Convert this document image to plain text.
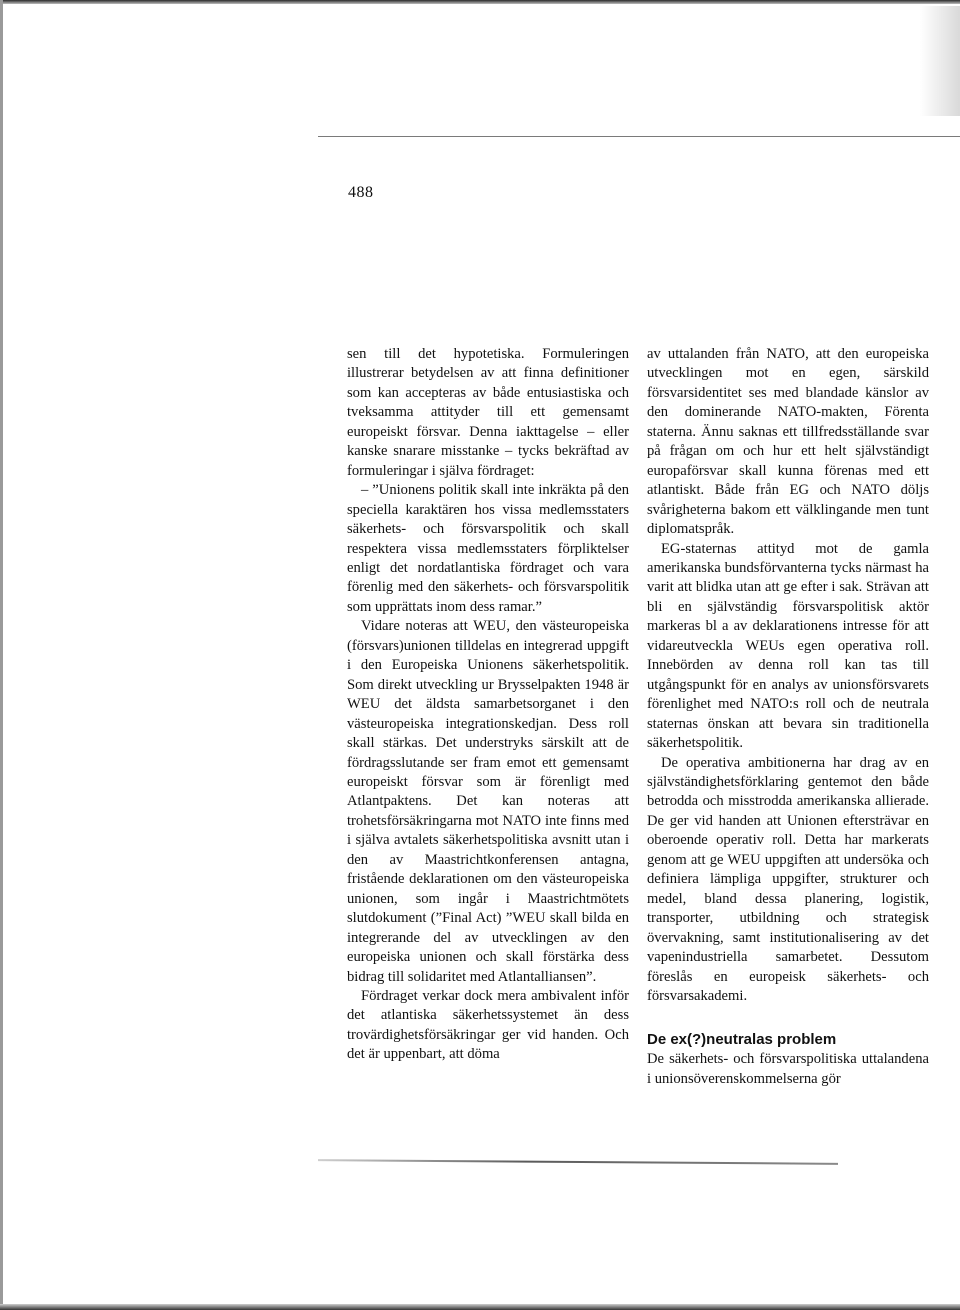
488

sen till det hypotetiska. Formuleringen illustrerar betydelsen av att finna definitioner som kan accepteras av både entusiastiska och tveksamma attityder till ett gemensamt europeiskt försvar. Denna iakttagelse – eller kanske snarare misstanke – tycks bekräftad av formuleringar i själva fördraget:

– ”Unionens politik skall inte inkräkta på den speciella karaktären hos vissa medlemsstaters säkerhets- och försvarspolitik och skall respektera vissa medlemsstaters förpliktelser enligt det nordatlantiska fördraget och vara förenlig med den säkerhets- och försvarspolitik som upprättats inom dess ramar.”

Vidare noteras att WEU, den västeuropeiska (försvars)unionen tilldelas en integrerad uppgift i den Europeiska Unionens säkerhetspolitik. Som direkt utveckling ur Brysselpakten 1948 är WEU det äldsta samarbetsorganet i den västeuropeiska integrationskedjan. Dess roll skall stärkas. Det understryks särskilt att de fördragsslutande ser fram emot ett gemensamt europeiskt försvar som är förenligt med Atlantpaktens. Det kan noteras att trohetsförsäkringarna mot NATO inte finns med i själva avtalets säkerhetspolitiska avsnitt utan i den av Maastrichtkonferensen antagna, fristående deklarationen om den västeuropeiska unionen, som ingår i Maastrichtmötets slutdokument (”Final Act) ”WEU skall bilda en integrerande del av utvecklingen av den europeiska unionen och skall förstärka dess bidrag till solidaritet med Atlantalliansen”.

Fördraget verkar dock mera ambivalent inför det atlantiska säkerhetssystemet än dess trovärdighetsförsäkringar ger vid handen. Och det är uppenbart, att döma

av uttalanden från NATO, att den europeiska utvecklingen mot en egen, särskild försvarsidentitet ses med blandade känslor av den dominerande NATO-makten, Förenta staterna. Ännu saknas ett tillfredsställande svar på frågan om och hur ett helt självständigt europaförsvar skall kunna förenas med ett atlantiskt. Både från EG och NATO döljs svårigheterna bakom ett välklingande men tunt diplomatspråk.

EG-staternas attityd mot de gamla amerikanska bundsförvanterna tycks närmast ha varit att blidka utan att ge efter i sak. Strävan att bli en självständig försvarspolitisk aktör markeras bl a av deklarationens intresse för att vidareutveckla WEUs egen operativa roll. Innebörden av denna roll kan tas till utgångspunkt för en analys av unionsförsvarets förenlighet med NATO:s roll och de neutrala staternas önskan att bevara sin traditionella säkerhetspolitik.

De operativa ambitionerna har drag av en självständighetsförklaring gentemot den både betrodda och misstrodda amerikanska allierade. De ger vid handen att Unionen eftersträvar en oberoende operativ roll. Detta har markerats genom att ge WEU uppgiften att undersöka och definiera lämpliga uppgifter, strukturer och medel, bland dessa planering, logistik, transporter, utbildning och strategisk övervakning, samt institutionalisering av det vapenindustriella samarbetet. Dessutom föreslås en europeisk säkerhets- och försvarsakademi.

De ex(?)neutralas problem

De säkerhets- och försvarspolitiska uttalandena i unionsöverenskommelserna gör
